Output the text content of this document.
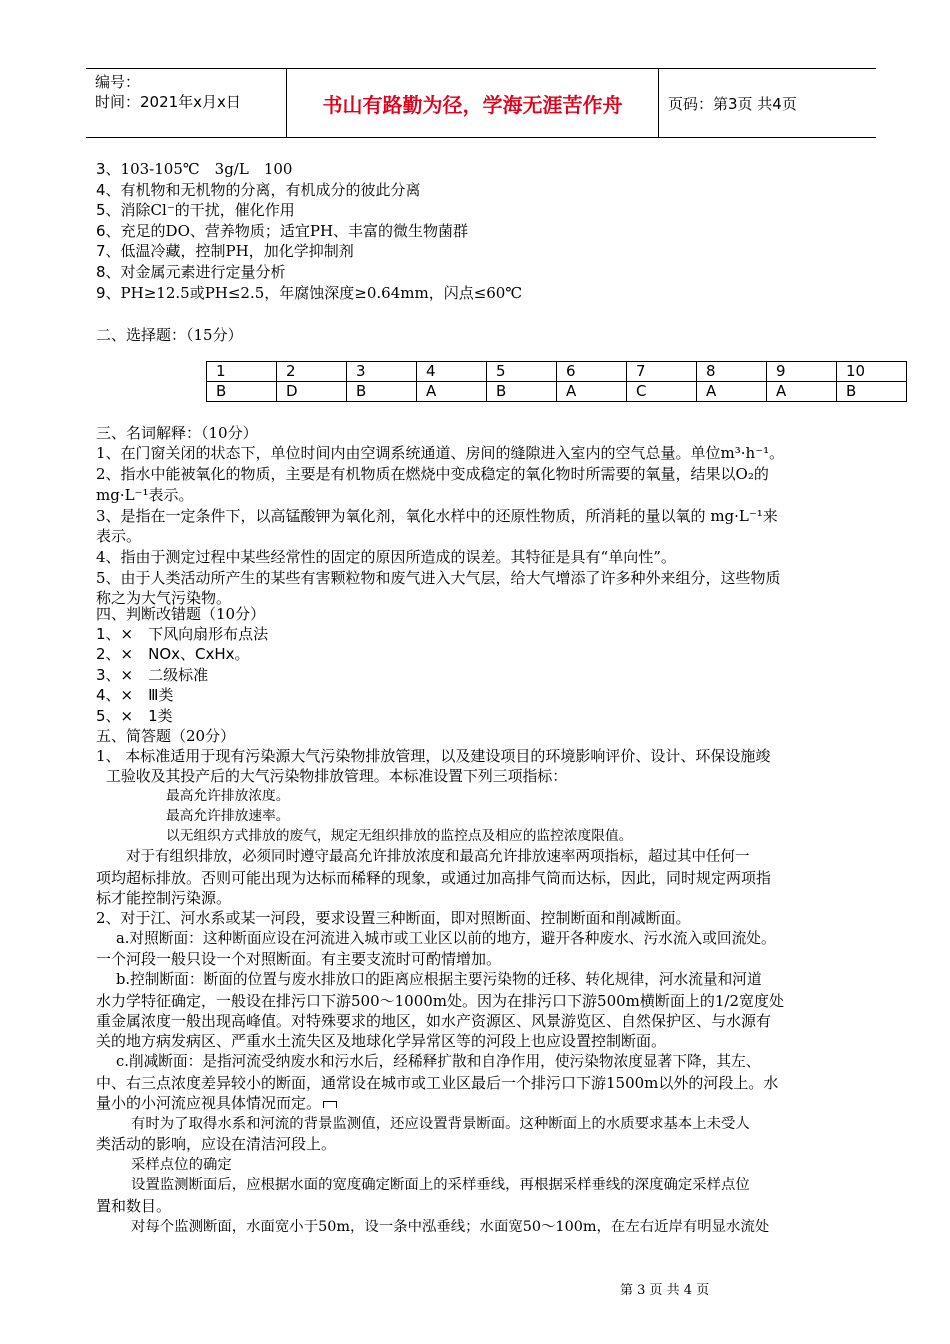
编号：
时间：2021年x月x日	书山有路勤为径，学海无涯苦作舟	页码：第3页 共4页
3、103-105℃　3g/L　100
4、有机物和无机物的分离，有机成分的彼此分离
5、消除Cl⁻的干扰，催化作用
6、充足的DO、营养物质；适宜PH、丰富的微生物菌群
7、低温冷藏，控制PH，加化学抑制剂
8、对金属元素进行定量分析
9、PH≥12.5或PH≤2.5，年腐蚀深度≥0.64mm，闪点≤60℃
二、选择题：（15分）
1	2	3	4	5	6	7	8	9	10
B	D	B	A	B	A	C	A	A	B
三、名词解释：（10分）
1、在门窗关闭的状态下，单位时间内由空调系统通道、房间的缝隙进入室内的空气总量。单位m³·h⁻¹。
2、指水中能被氧化的物质，主要是有机物质在燃烧中变成稳定的氧化物时所需要的氧量，结果以O₂的
mg·L⁻¹表示。
3、是指在一定条件下，以高锰酸钾为氧化剂，氧化水样中的还原性物质，所消耗的量以氧的 mg·L⁻¹来
表示。
4、指由于测定过程中某些经常性的固定的原因所造成的误差。其特征是具有“单向性”。
5、由于人类活动所产生的某些有害颗粒物和废气进入大气层，给大气增添了许多种外来组分，这些物质
称之为大气污染物。
四、判断改错题（10分）
1、×　下风向扇形布点法
2、×　NOx、CxHx。
3、×　二级标准
4、×　Ⅲ类
5、×　1类
五、简答题（20分）
1、 本标准适用于现有污染源大气污染物排放管理，以及建设项目的环境影响评价、设计、环保设施竣
工验收及其投产后的大气污染物排放管理。本标准设置下列三项指标：
最高允许排放浓度。
最高允许排放速率。
以无组织方式排放的废气，规定无组织排放的监控点及相应的监控浓度限值。
对于有组织排放，必须同时遵守最高允许排放浓度和最高允许排放速率两项指标，超过其中任何一
项均超标排放。否则可能出现为达标而稀释的现象，或通过加高排气筒而达标，因此，同时规定两项指
标才能控制污染源。
2、对于江、河水系或某一河段，要求设置三种断面，即对照断面、控制断面和削减断面。
a.对照断面：这种断面应设在河流进入城市或工业区以前的地方，避开各种废水、污水流入或回流处。
一个河段一般只设一个对照断面。有主要支流时可酌情增加。
b.控制断面：断面的位置与废水排放口的距离应根据主要污染物的迁移、转化规律，河水流量和河道
水力学特征确定，一般设在排污口下游500～1000m处。因为在排污口下游500m横断面上的1/2宽度处
重金属浓度一般出现高峰值。对特殊要求的地区，如水产资源区、风景游览区、自然保护区、与水源有
关的地方病发病区、严重水土流失区及地球化学异常区等的河段上也应设置控制断面。
c.削减断面：是指河流受纳废水和污水后，经稀释扩散和自净作用，使污染物浓度显著下降，其左、
中、右三点浓度差异较小的断面，通常设在城市或工业区最后一个排污口下游1500m以外的河段上。水
量小的小河流应视具体情况而定。
有时为了取得水系和河流的背景监测值，还应设置背景断面。这种断面上的水质要求基本上未受人
类活动的影响，应设在清洁河段上。
采样点位的确定
设置监测断面后，应根据水面的宽度确定断面上的采样垂线，再根据采样垂线的深度确定采样点位
置和数目。
对每个监测断面，水面宽小于50m，设一条中泓垂线；水面宽50～100m，在左右近岸有明显水流处
第 3 页 共 4 页
